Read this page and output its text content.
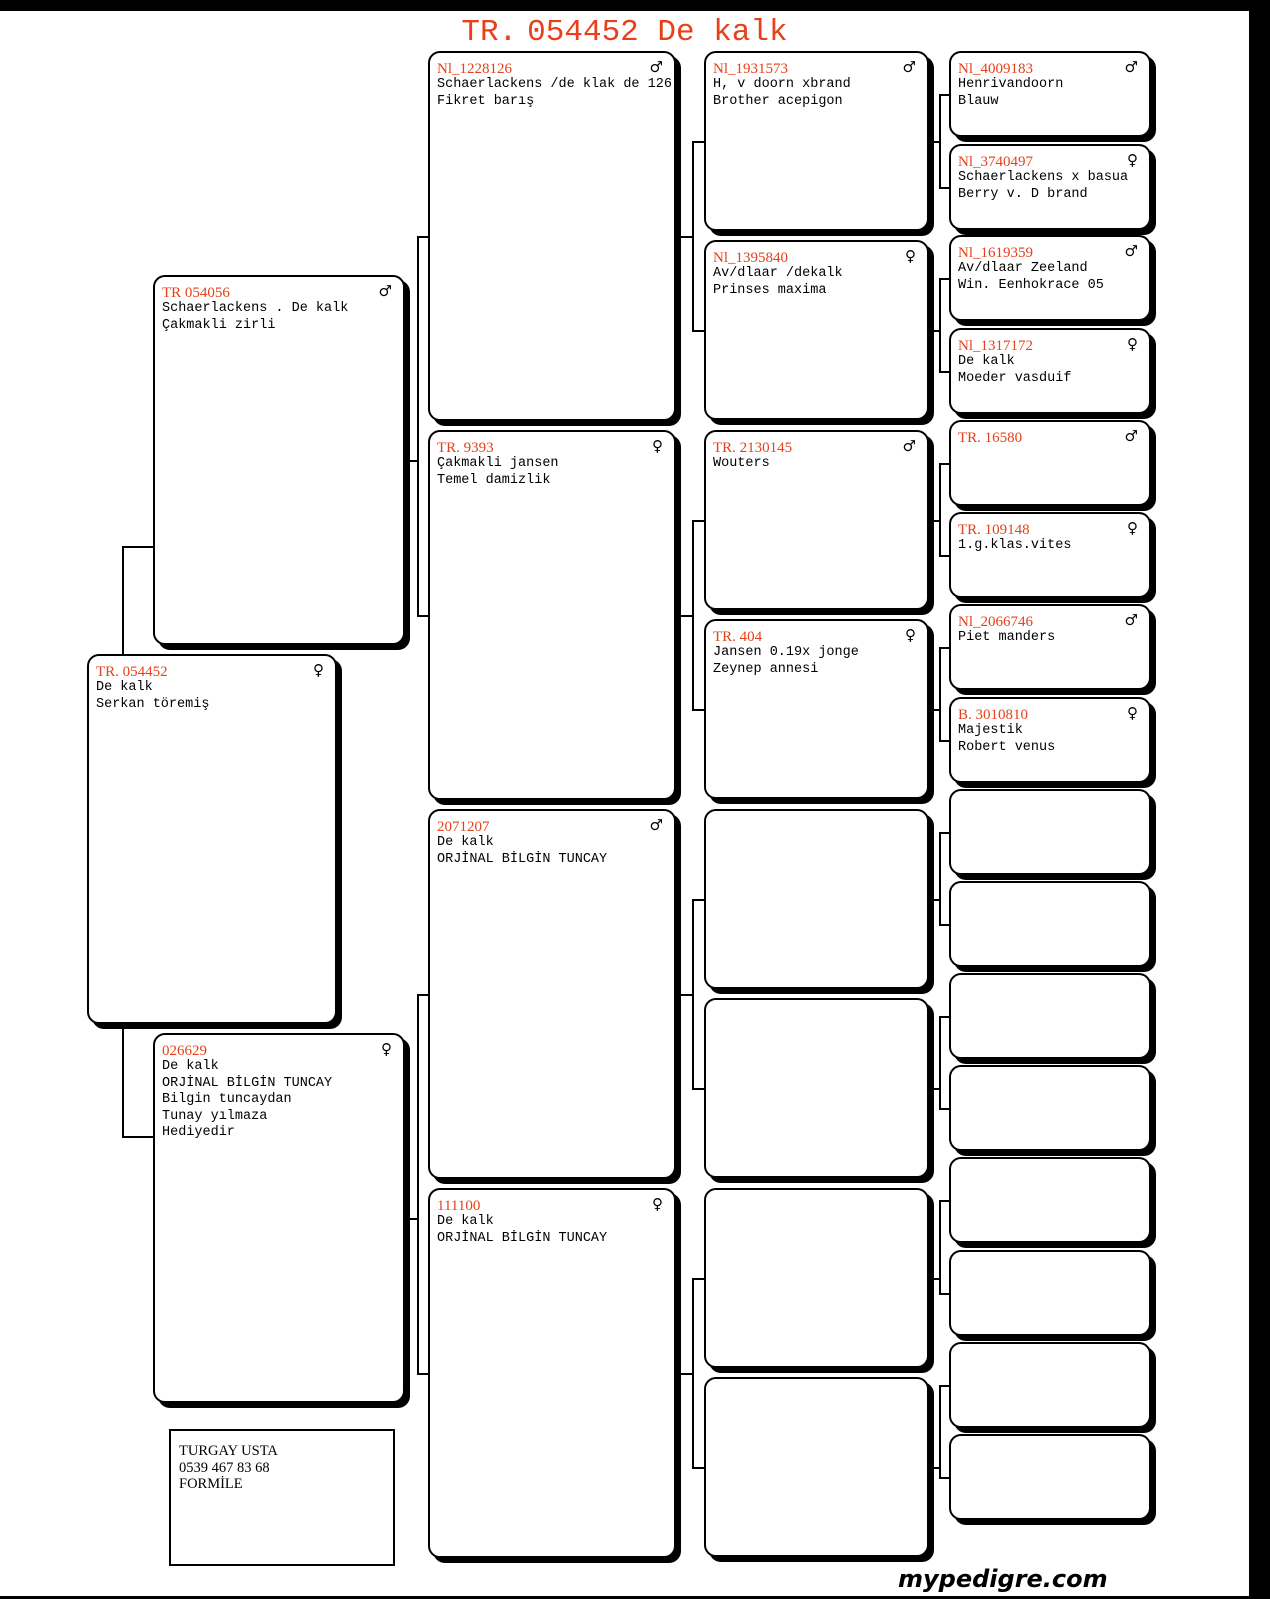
TR. 054452 De kalk
TR. 054452	♀
De kalk
Serkan töremiş
TR 054056	♂
Schaerlackens . De kalk
Çakmakli zirli
026629	♀
De kalk
ORJİNAL BİLGİN TUNCAY
Bilgin tuncaydan
Tunay yılmaza
Hediyedir
Nl_1228126	♂
Schaerlackens /de klak de 126
Fikret barış
TR. 9393	♀
Çakmakli jansen
Temel damizlik
2071207	♂
De kalk
ORJİNAL BİLGİN TUNCAY
111100	♀
De kalk
ORJİNAL BİLGİN TUNCAY
Nl_1931573	♂
H, v doorn xbrand
Brother acepigon
Nl_1395840	♀
Av/dlaar /dekalk
Prinses maxima
TR. 2130145	♂
Wouters
TR. 404	♀
Jansen 0.19x jonge
Zeynep annesi

Nl_4009183	♂
Henrivandoorn
Blauw
Nl_3740497	♀
Schaerlackens x basua
Berry v. D brand
Nl_1619359	♂
Av/dlaar Zeeland
Win. Eenhokrace 05
Nl_1317172	♀
De kalk
Moeder vasduif
TR. 16580	♂
TR. 109148	♀
1.g.klas.vites
Nl_2066746	♂
Piet manders
B. 3010810	♀
Majestik
Robert venus

TURGAY USTA
0539 467 83 68
FORMİLE
mypedigre.com
